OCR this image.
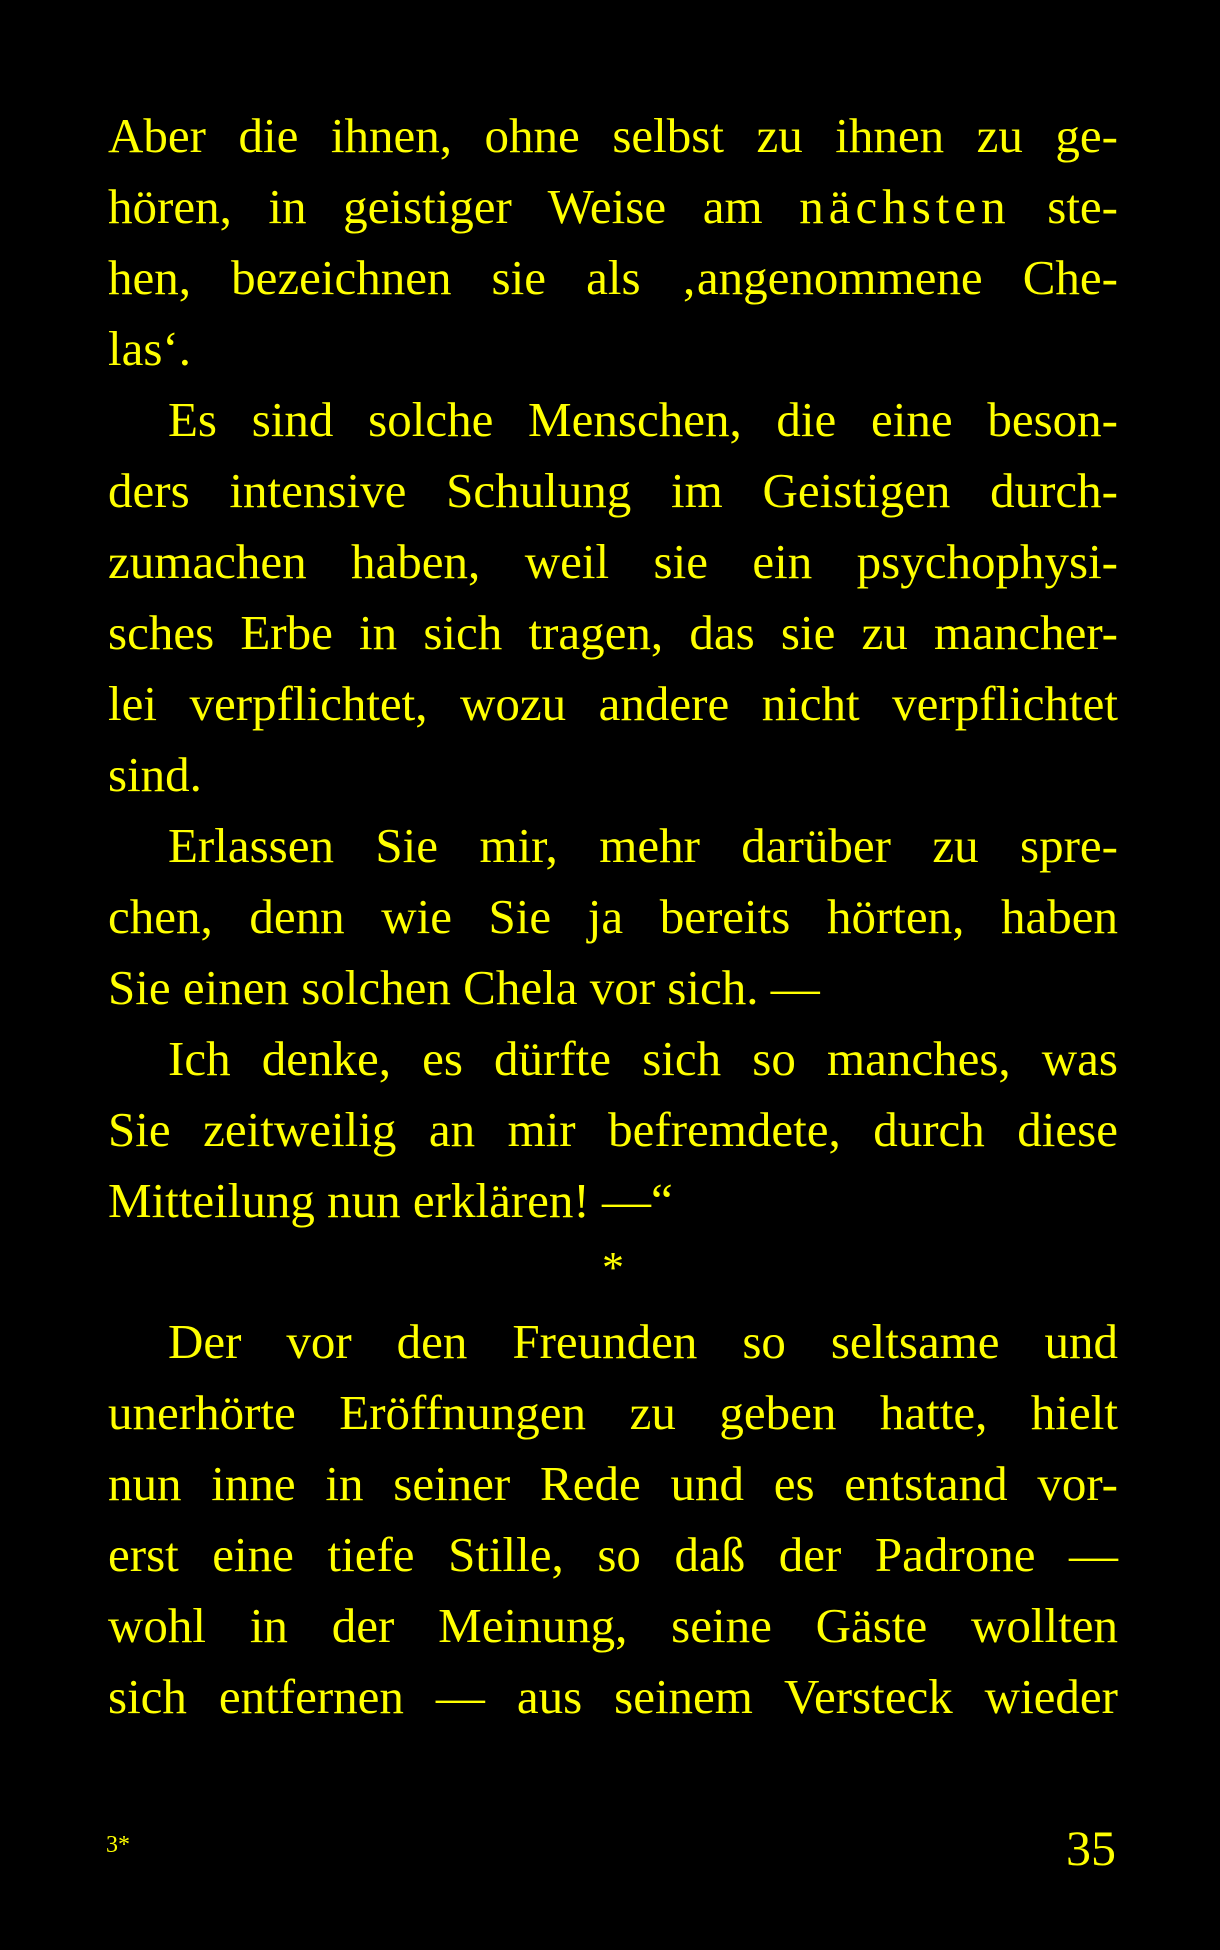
Aber die ihnen, ohne selbst zu ihnen zu ge-
hören, in geistiger Weise am nächsten ste-
hen, bezeichnen sie als ‚angenommene Che-
las‘.
Es sind solche Menschen, die eine beson-
ders intensive Schulung im Geistigen durch-
zumachen haben, weil sie ein psychophysi-
sches Erbe in sich tragen, das sie zu mancher-
lei verpflichtet, wozu andere nicht verpflichtet
sind.
Erlassen Sie mir, mehr darüber zu spre-
chen, denn wie Sie ja bereits hörten, haben
Sie einen solchen Chela vor sich. —
Ich denke, es dürfte sich so manches, was
Sie zeitweilig an mir befremdete, durch diese
Mitteilung nun erklären! —“
*
Der vor den Freunden so seltsame und
unerhörte Eröffnungen zu geben hatte, hielt
nun inne in seiner Rede und es entstand vor-
erst eine tiefe Stille, so daß der Padrone —
wohl in der Meinung, seine Gäste wollten
sich entfernen — aus seinem Versteck wieder
3*	35
